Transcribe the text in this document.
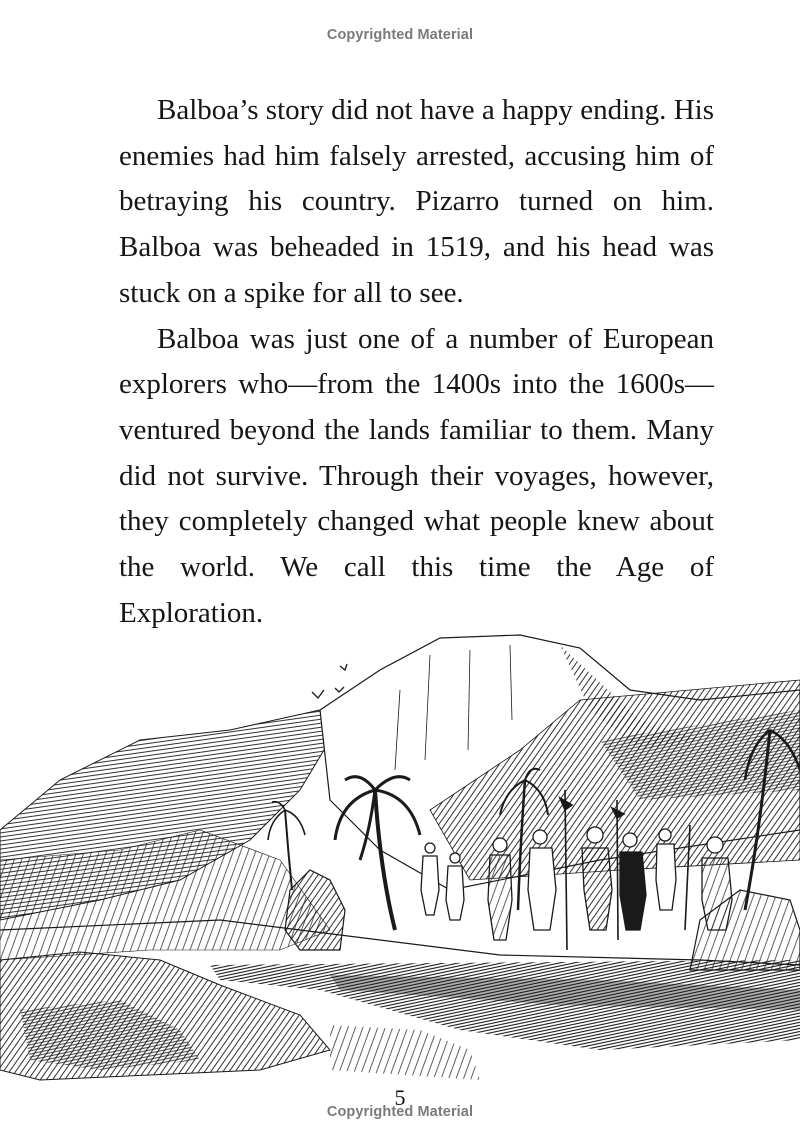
Copyrighted Material

Balboa’s story did not have a happy ending. His enemies had him falsely arrested, accusing him of betraying his country. Pizarro turned on him. Balboa was beheaded in 1519, and his head was stuck on a spike for all to see.

Balboa was just one of a number of European explorers who—from the 1400s into the 1600s—ventured beyond the lands familiar to them. Many did not survive. Through their voyages, however, they completely changed what people knew about the world. We call this time the Age of Exploration.

5
Copyrighted Material
